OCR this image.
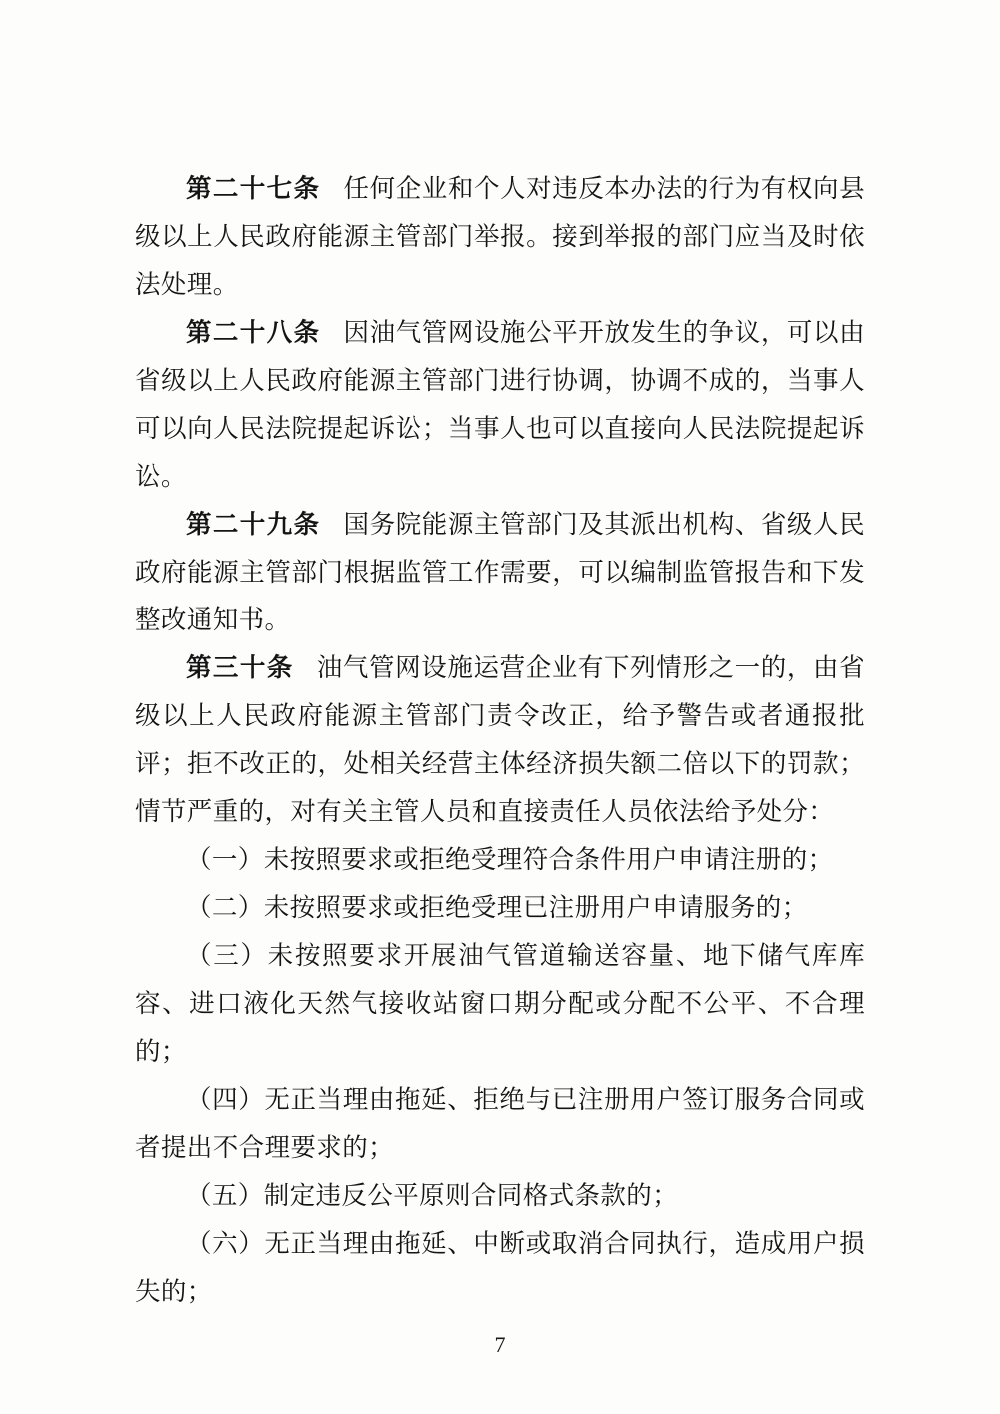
第二十七条 任何企业和个人对违反本办法的行为有权向县级以上人民政府能源主管部门举报。接到举报的部门应当及时依法处理。

第二十八条 因油气管网设施公平开放发生的争议，可以由省级以上人民政府能源主管部门进行协调，协调不成的，当事人可以向人民法院提起诉讼；当事人也可以直接向人民法院提起诉讼。

第二十九条 国务院能源主管部门及其派出机构、省级人民政府能源主管部门根据监管工作需要，可以编制监管报告和下发整改通知书。

第三十条 油气管网设施运营企业有下列情形之一的，由省级以上人民政府能源主管部门责令改正，给予警告或者通报批评；拒不改正的，处相关经营主体经济损失额二倍以下的罚款；情节严重的，对有关主管人员和直接责任人员依法给予处分：

（一）未按照要求或拒绝受理符合条件用户申请注册的；

（二）未按照要求或拒绝受理已注册用户申请服务的；

（三）未按照要求开展油气管道输送容量、地下储气库库容、进口液化天然气接收站窗口期分配或分配不公平、不合理的；

（四）无正当理由拖延、拒绝与已注册用户签订服务合同或者提出不合理要求的；

（五）制定违反公平原则合同格式条款的；

（六）无正当理由拖延、中断或取消合同执行，造成用户损失的；

7
